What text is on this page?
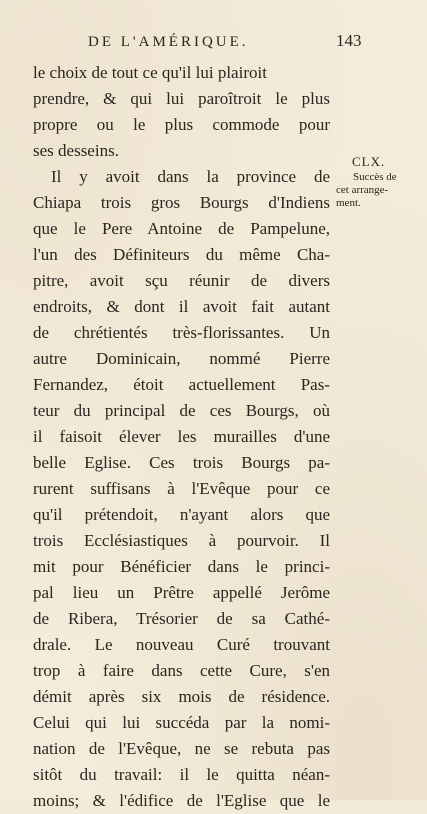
DE L'AMÉRIQUE.	143
le choix de tout ce qu'il lui plairoit
prendre, & qui lui paroîtroit le plus
propre ou le plus commode pour
ses desseins.
Il y avoit dans la province de
Chiapa trois gros Bourgs d'Indiens
que le Pere Antoine de Pampelune,
l'un des Définiteurs du même Cha-
pitre, avoit sçu réunir de divers
endroits, & dont il avoit fait autant
de chrétientés très-florissantes. Un
autre Dominicain, nommé Pierre
Fernandez, étoit actuellement Pas-
teur du principal de ces Bourgs, où
il faisoit élever les murailles d'une
belle Eglise. Ces trois Bourgs pa-
rurent suffisans à l'Evêque pour ce
qu'il prétendoit, n'ayant alors que
trois Ecclésiastiques à pourvoir. Il
mit pour Bénéficier dans le princi-
pal lieu un Prêtre appellé Jerôme
de Ribera, Trésorier de sa Cathé-
drale. Le nouveau Curé trouvant
trop à faire dans cette Cure, s'en
démit après six mois de résidence.
Celui qui lui succéda par la nomi-
nation de l'Evêque, ne se rebuta pas
sitôt du travail: il le quitta néan-
moins; & l'édifice de l'Eglise que le
CLX.
Succès de
cet arrange-
ment.
